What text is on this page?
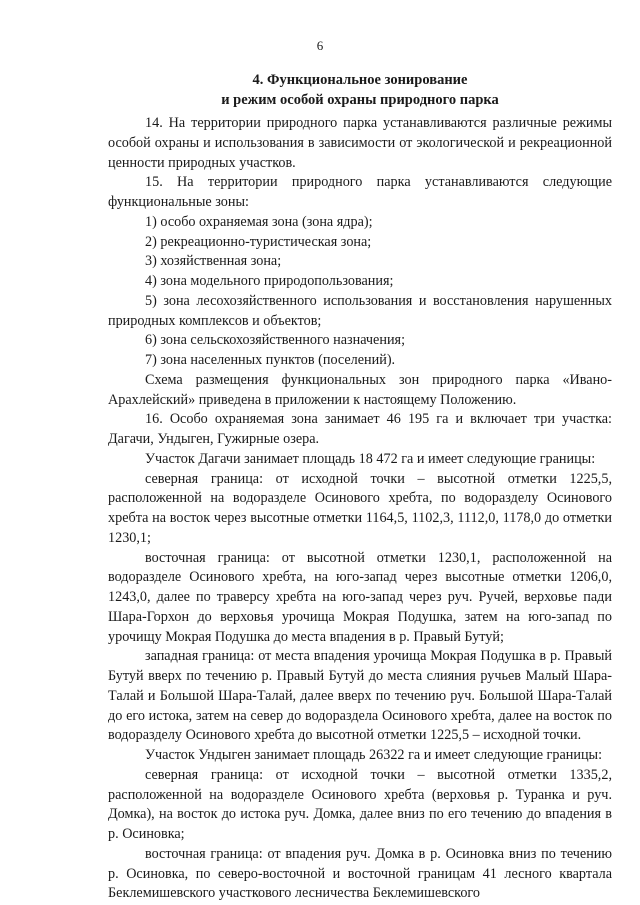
6
4. Функциональное зонирование
и режим особой охраны природного парка

14. На территории природного парка устанавливаются различные режимы особой охраны и использования в зависимости от экологической и рекреационной ценности природных участков.

15. На территории природного парка устанавливаются следующие функциональные зоны:

1) особо охраняемая зона (зона ядра);

2) рекреационно-туристическая зона;

3) хозяйственная зона;

4) зона модельного природопользования;

5) зона лесохозяйственного использования и восстановления нарушенных природных комплексов и объектов;

6) зона сельскохозяйственного назначения;

7) зона населенных пунктов (поселений).

Схема размещения функциональных зон природного парка «Ивано-Арахлейский» приведена в приложении к настоящему Положению.

16. Особо охраняемая зона занимает 46 195 га и включает три участка: Дагачи, Ундыген, Гужирные озера.

Участок Дагачи занимает площадь 18 472 га и имеет следующие границы:

северная граница: от исходной точки – высотной отметки 1225,5, расположенной на водоразделе Осинового хребта, по водоразделу Осинового хребта на восток через высотные отметки 1164,5, 1102,3, 1112,0, 1178,0 до отметки 1230,1;

восточная граница: от высотной отметки 1230,1, расположенной на водоразделе Осинового хребта, на юго-запад через высотные отметки 1206,0, 1243,0, далее по траверсу хребта на юго-запад через руч. Ручей, верховье пади Шара-Горхон до верховья урочища Мокрая Подушка, затем на юго-запад по урочищу Мокрая Подушка до места впадения в р. Правый Бутуй;

западная граница: от места впадения урочища Мокрая Подушка в р. Правый Бутуй вверх по течению р. Правый Бутуй до места слияния ручьев Малый Шара-Талай и Большой Шара-Талай, далее вверх по течению руч. Большой Шара-Талай до его истока, затем на север до водораздела Осинового хребта, далее на восток по водоразделу Осинового хребта до высотной отметки 1225,5 – исходной точки.

Участок Ундыген занимает площадь 26322 га и имеет следующие границы:

северная граница: от исходной точки – высотной отметки 1335,2, расположенной на водоразделе Осинового хребта (верховья р. Туранка и руч. Домка), на восток до истока руч. Домка, далее вниз по его течению до впадения в р. Осиновка;

восточная граница: от впадения руч. Домка в р. Осиновка вниз по течению р. Осиновка, по северо-восточной и восточной границам 41 лесного квартала Беклемишевского участкового лесничества Беклемишевского
